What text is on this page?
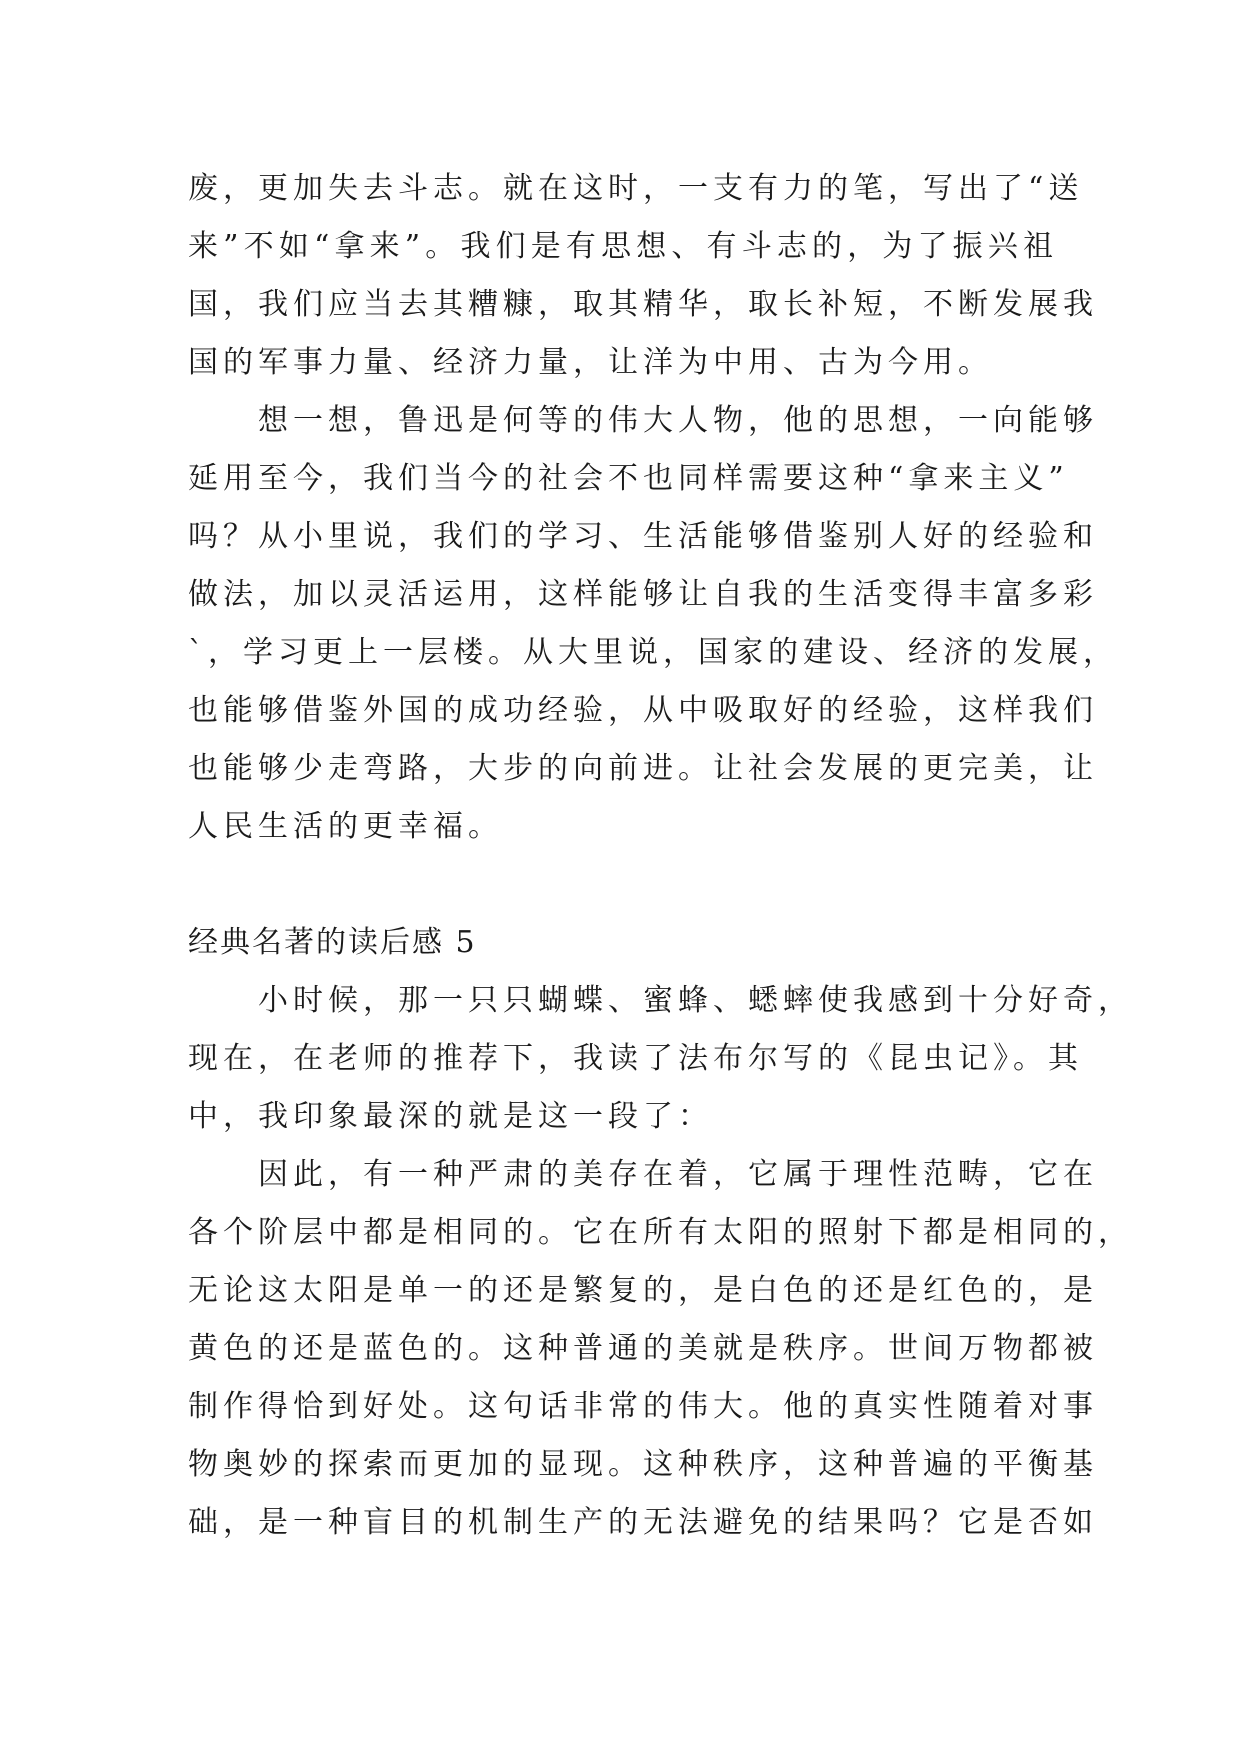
废，更加失去斗志。就在这时，一支有力的笔，写出了“送
来”不如“拿来”。我们是有思想、有斗志的，为了振兴祖
国，我们应当去其糟糠，取其精华，取长补短，不断发展我
国的军事力量、经济力量，让洋为中用、古为今用。
　　想一想，鲁迅是何等的伟大人物，他的思想，一向能够
延用至今，我们当今的社会不也同样需要这种“拿来主义”
吗？从小里说，我们的学习、生活能够借鉴别人好的经验和
做法，加以灵活运用，这样能够让自我的生活变得丰富多彩
`，学习更上一层楼。从大里说，国家的建设、经济的发展，
也能够借鉴外国的成功经验，从中吸取好的经验，这样我们
也能够少走弯路，大步的向前进。让社会发展的更完美，让
人民生活的更幸福。
经典名著的读后感 5
　　小时候，那一只只蝴蝶、蜜蜂、蟋蟀使我感到十分好奇，
现在，在老师的推荐下，我读了法布尔写的《昆虫记》。其
中，我印象最深的就是这一段了：
　　因此，有一种严肃的美存在着，它属于理性范畴，它在
各个阶层中都是相同的。它在所有太阳的照射下都是相同的，
无论这太阳是单一的还是繁复的，是白色的还是红色的，是
黄色的还是蓝色的。这种普通的美就是秩序。世间万物都被
制作得恰到好处。这句话非常的伟大。他的真实性随着对事
物奥妙的探索而更加的显现。这种秩序，这种普遍的平衡基
础，是一种盲目的机制生产的无法避免的结果吗？它是否如
